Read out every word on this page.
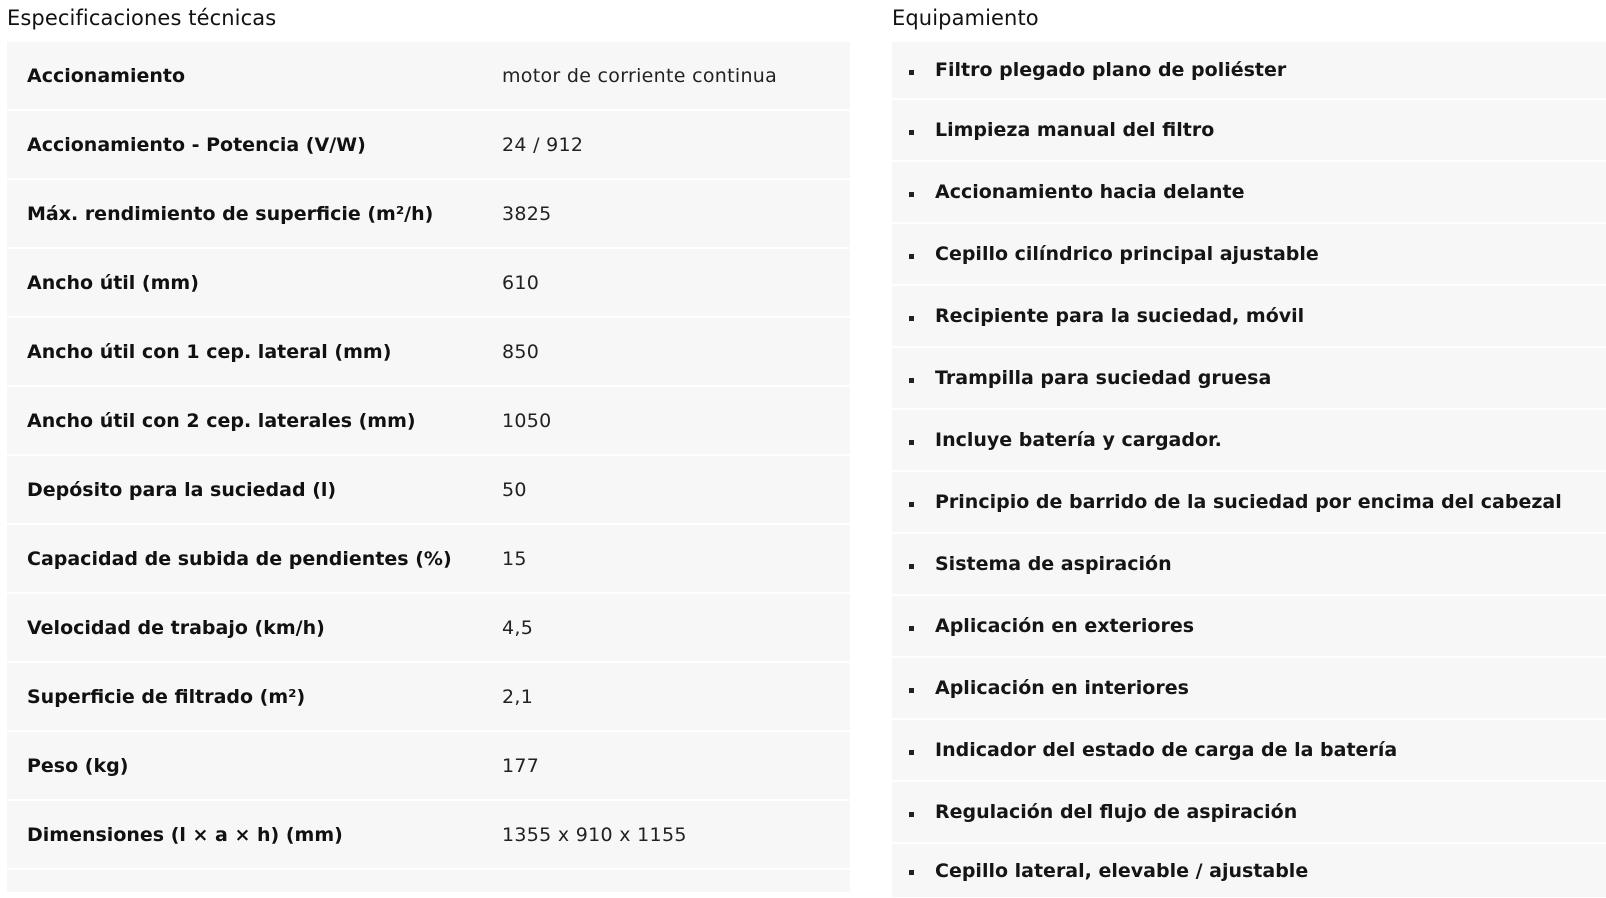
Especificaciones técnicas
Accionamiento	motor de corriente continua
Accionamiento - Potencia (V/W)	24 / 912
Máx. rendimiento de superficie (m²/h)	3825
Ancho útil (mm)	610
Ancho útil con 1 cep. lateral (mm)	850
Ancho útil con 2 cep. laterales (mm)	1050
Depósito para la suciedad (l)	50
Capacidad de subida de pendientes (%)	15
Velocidad de trabajo (km/h)	4,5
Superficie de filtrado (m²)	2,1
Peso (kg)	177
Dimensiones (l × a × h) (mm)	1355 x 910 x 1155

Equipamiento
Filtro plegado plano de poliéster
Limpieza manual del filtro
Accionamiento hacia delante
Cepillo cilíndrico principal ajustable
Recipiente para la suciedad, móvil
Trampilla para suciedad gruesa
Incluye batería y cargador.
Principio de barrido de la suciedad por encima del cabezal
Sistema de aspiración
Aplicación en exteriores
Aplicación en interiores
Indicador del estado de carga de la batería
Regulación del flujo de aspiración
Cepillo lateral, elevable / ajustable
